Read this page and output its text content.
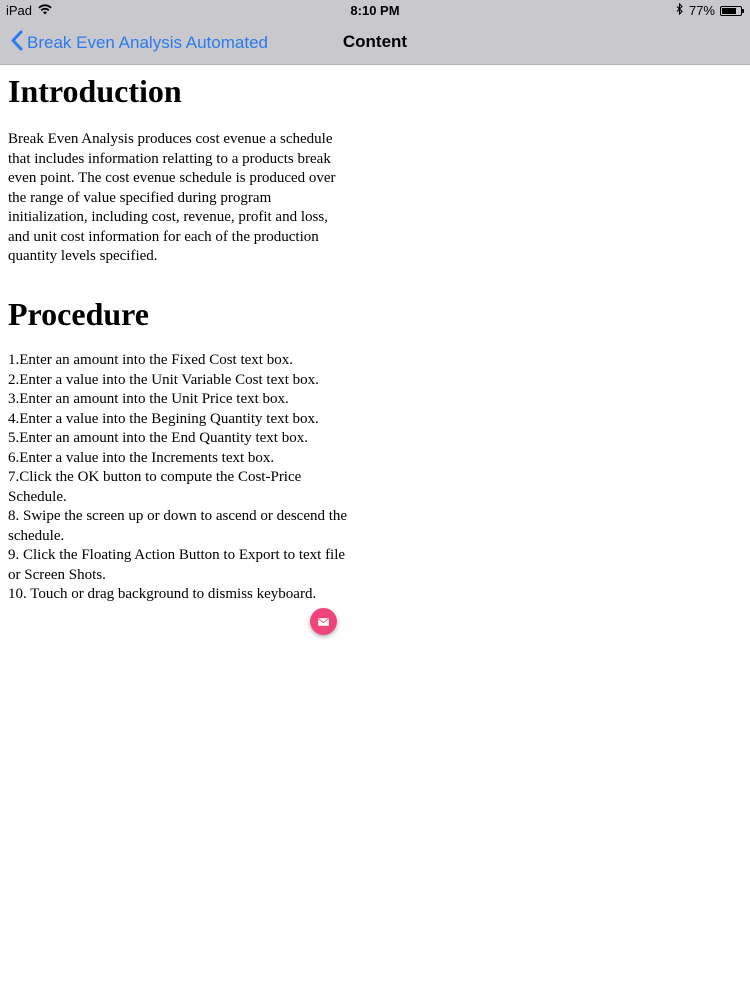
iPad	8:10 PM	77%
Break Even Analysis Automated	Content
Introduction

Break Even Analysis produces cost evenue a schedule that includes information relatting to a products break even point. The cost evenue schedule is produced over the range of value specified during program initialization, including cost, revenue, profit and loss, and unit cost information for each of the production quantity levels specified.

Procedure

1.Enter an amount into the Fixed Cost text box.

2.Enter a value into the Unit Variable Cost text box.

3.Enter an amount into the Unit Price text box.

4.Enter a value into the Begining Quantity text box.

5.Enter an amount into the End Quantity text box.

6.Enter a value into the Increments text box.

7.Click the OK button to compute the Cost-Price Schedule.

8. Swipe the screen up or down to ascend or descend the schedule.

9. Click the Floating Action Button to Export to text file or Screen Shots.

10. Touch or drag background to dismiss keyboard.
